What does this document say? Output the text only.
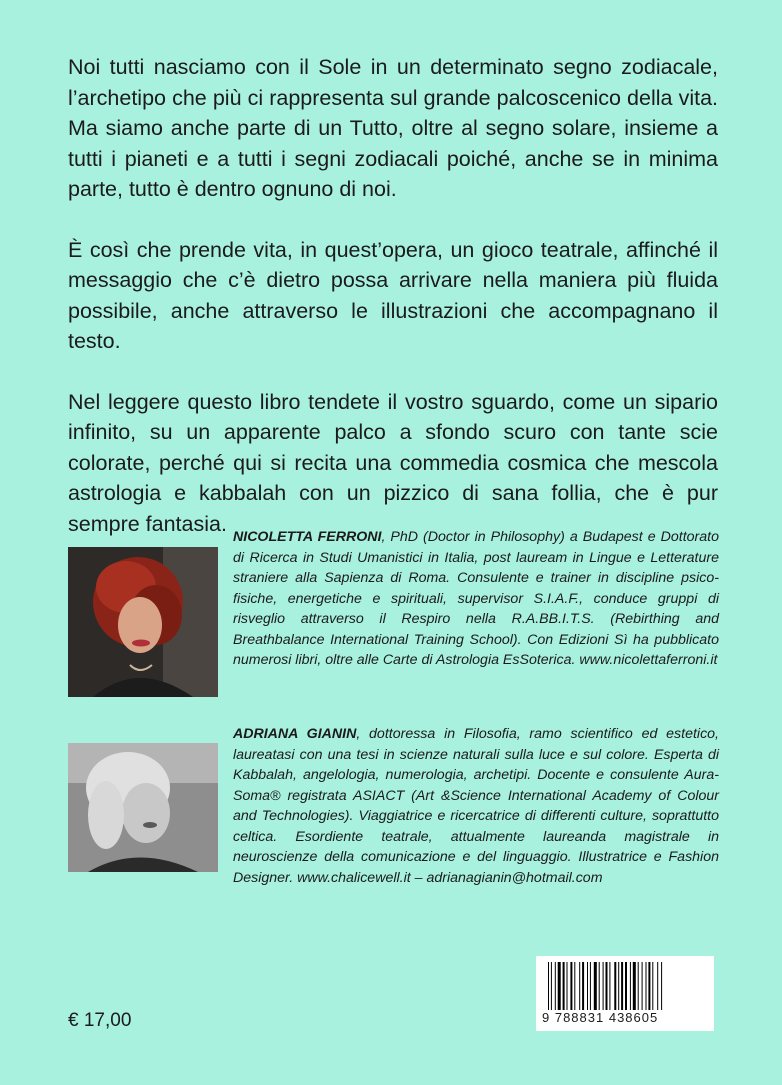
Noi tutti nasciamo con il Sole in un determinato segno zodiacale, l’archetipo che più ci rappresenta sul grande palcoscenico della vita. Ma siamo anche parte di un Tutto, oltre al segno solare, insieme a tutti i pianeti e a tutti i segni zodiacali poiché, anche se in minima parte, tutto è dentro ognuno di noi.

È così che prende vita, in quest’opera, un gioco teatrale, affinché il messaggio che c’è dietro possa arrivare nella maniera più fluida possibile, anche attraverso le illustrazioni che accompagnano il testo.

Nel leggere questo libro tendete il vostro sguardo, come un sipario infinito, su un apparente palco a sfondo scuro con tante scie colorate, perché qui si recita una commedia cosmica che mescola astrologia e kabbalah con un pizzico di sana follia, che è pur sempre fantasia.

NICOLETTA FERRONI, PhD (Doctor in Philosophy) a Budapest e Dottorato di Ricerca in Studi Umanistici in Italia, post lauream in Lingue e Letterature straniere alla Sapienza di Roma. Consulente e trainer in discipline psico-fisiche, energetiche e spirituali, supervisor S.I.A.F., conduce gruppi di risveglio attraverso il Respiro nella R.A.BB.I.T.S. (Rebirthing and Breathbalance International Training School). Con Edizioni Sì ha pubblicato numerosi libri, oltre alle Carte di Astrologia EsSoterica. www.nicolettaferroni.it
ADRIANA GIANIN, dottoressa in Filosofia, ramo scientifico ed estetico, laureatasi con una tesi in scienze naturali sulla luce e sul colore. Esperta di Kabbalah, angelologia, numerologia, archetipi. Docente e consulente Aura-Soma® registrata ASIACT (Art &Science International Academy of Colour and Technologies). Viaggiatrice e ricercatrice di differenti culture, soprattutto celtica. Esordiente teatrale, attualmente laureanda magistrale in neuroscienze della comunicazione e del linguaggio. Illustratrice e Fashion Designer. www.chalicewell.it – adrianagianin@hotmail.com
€ 17,00	9 788831 438605
